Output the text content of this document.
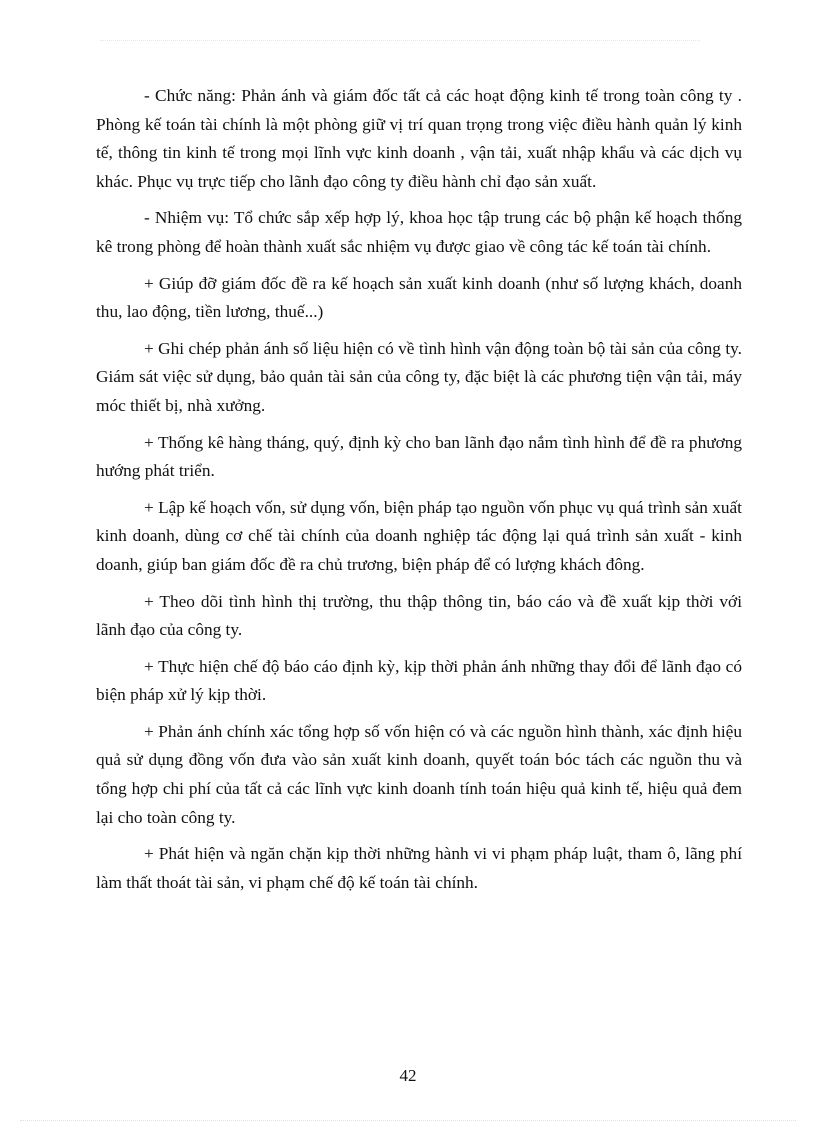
- Chức năng: Phản ánh và giám đốc tất cả các hoạt động kinh tế trong toàn công ty . Phòng kế toán tài chính là một phòng giữ vị trí quan trọng trong việc điều hành quản lý kinh tế, thông tin kinh tế trong mọi lĩnh vực kinh doanh , vận tải, xuất nhập khẩu và các dịch vụ khác. Phục vụ trực tiếp cho lãnh đạo công ty điều hành chỉ đạo sản xuất.

- Nhiệm vụ: Tổ chức sắp xếp hợp lý, khoa học tập trung các bộ phận kế hoạch thống kê trong phòng để hoàn thành xuất sắc nhiệm vụ được giao về công tác kế toán tài chính.

+ Giúp đỡ giám đốc đề ra kế hoạch sản xuất kinh doanh (như số lượng khách, doanh thu, lao động, tiền lương, thuế...)

+ Ghi chép phản ánh số liệu hiện có về tình hình vận động toàn bộ tài sản của công ty. Giám sát việc sử dụng, bảo quản tài sản của công ty, đặc biệt là các phương tiện vận tải, máy móc thiết bị, nhà xưởng.

+ Thống kê hàng tháng, quý, định kỳ cho ban lãnh đạo nắm tình hình để đề ra phương hướng phát triển.

+ Lập kế hoạch vốn, sử dụng vốn, biện pháp tạo nguồn vốn phục vụ quá trình sản xuất kinh doanh, dùng cơ chế tài chính của doanh nghiệp tác động lại quá trình sản xuất - kinh doanh, giúp ban giám đốc đề ra chủ trương, biện pháp để có lượng khách đông.

+ Theo dõi tình hình thị trường, thu thập thông tin, báo cáo và đề xuất kịp thời với lãnh đạo của công ty.

+ Thực hiện chế độ báo cáo định kỳ, kịp thời phản ánh những thay đổi để lãnh đạo có biện pháp xử lý kịp thời.

+ Phản ánh chính xác tổng hợp số vốn hiện có và các nguồn hình thành, xác định hiệu quả sử dụng đồng vốn đưa vào sản xuất kinh doanh, quyết toán bóc tách các nguồn thu và tổng hợp chi phí của tất cả các lĩnh vực kinh doanh tính toán hiệu quả kinh tế, hiệu quả đem lại cho toàn công ty.

+ Phát hiện và ngăn chặn kịp thời những hành vi vi phạm pháp luật, tham ô, lãng phí làm thất thoát tài sản, vi phạm chế độ kế toán tài chính.

42
